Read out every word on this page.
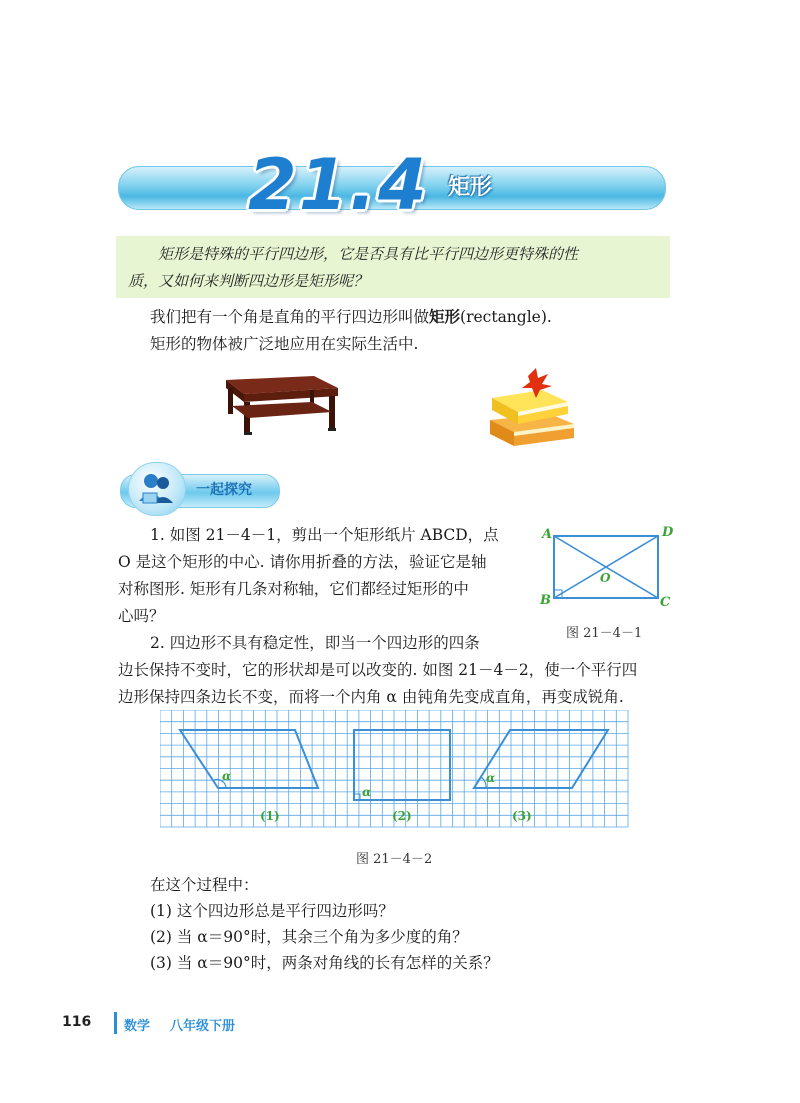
21.4 矩形

矩形是特殊的平行四边形，它是否具有比平行四边形更特殊的性

质，又如何来判断四边形是矩形呢？

我们把有一个角是直角的平行四边形叫做矩形(rectangle).
矩形的物体被广泛地应用在实际生活中.
一起探究
1. 如图 21－4－1，剪出一个矩形纸片 ABCD，点
O 是这个矩形的中心. 请你用折叠的方法，验证它是轴
对称图形. 矩形有几条对称轴，它们都经过矩形的中
心吗？
A	D
B	C
O
图 21－4－1
2. 四边形不具有稳定性，即当一个四边形的四条
边长保持不变时，它的形状却是可以改变的. 如图 21－4－2，使一个平行四
边形保持四条边长不变，而将一个内角 α 由钝角先变成直角，再变成锐角.
α
(1)
α
(2)
α
(3)
图 21－4－2
在这个过程中：
(1) 这个四边形总是平行四边形吗？
(2) 当 α＝90°时，其余三个角为多少度的角？
(3) 当 α＝90°时，两条对角线的长有怎样的关系？
116	数学 八年级下册
